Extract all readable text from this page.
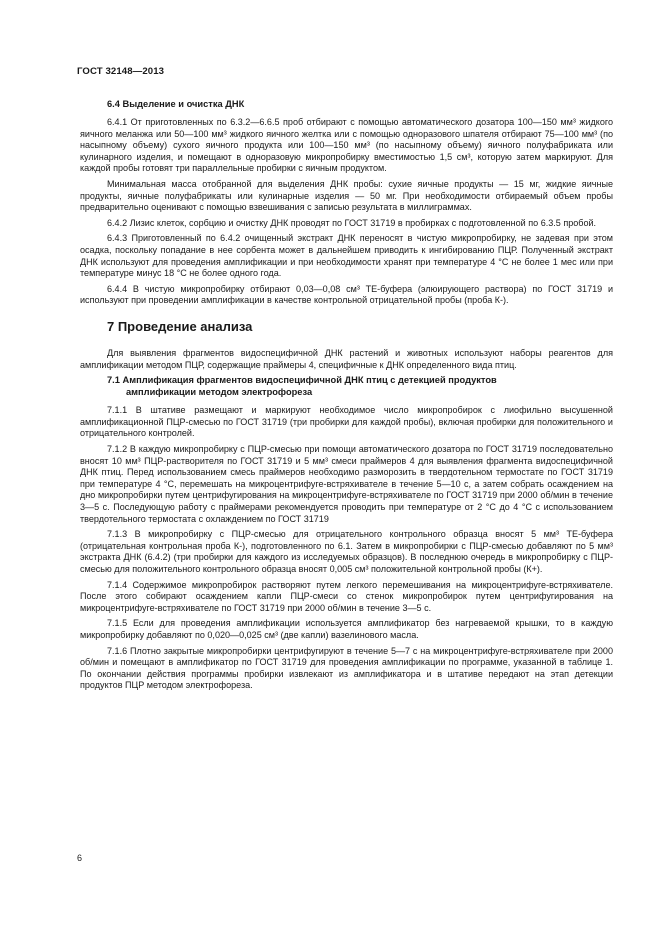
ГОСТ 32148—2013
6.4 Выделение и очистка ДНК

6.4.1 От приготовленных по 6.3.2—6.6.5 проб отбирают с помощью автоматического дозатора 100—150 мм³ жидкого яичного меланжа или 50—100 мм³ жидкого яичного желтка или с помощью одноразового шпателя отбирают 75—100 мм³ (по насыпному объему) сухого яичного продукта или 100—150 мм³ (по насыпному объему) яичного полуфабриката или кулинарного изделия, и помещают в одноразовую микропробирку вместимостью 1,5 см³, которую затем маркируют. Для каждой пробы готовят три параллельные пробирки с яичным продуктом.

Минимальная масса отобранной для выделения ДНК пробы: сухие яичные продукты — 15 мг, жидкие яичные продукты, яичные полуфабрикаты или кулинарные изделия — 50 мг. При необходимости отбираемый объем пробы предварительно оценивают с помощью взвешивания с записью результата в миллиграммах.

6.4.2 Лизис клеток, сорбцию и очистку ДНК проводят по ГОСТ 31719 в пробирках с подготовленной по 6.3.5 пробой.

6.4.3 Приготовленный по 6.4.2 очищенный экстракт ДНК переносят в чистую микропробирку, не задевая при этом осадка, поскольку попадание в нее сорбента может в дальнейшем приводить к ингибированию ПЦР. Полученный экстракт ДНК используют для проведения амплификации и при необходимости хранят при температуре 4 °С не более 1 мес или при температуре минус 18 °С не более одного года.

6.4.4 В чистую микропробирку отбирают 0,03—0,08 см³ ТЕ-буфера (элюирующего раствора) по ГОСТ 31719 и используют при проведении амплификации в качестве контрольной отрицательной пробы (проба К-).

7 Проведение анализа

Для выявления фрагментов видоспецифичной ДНК растений и животных используют наборы реагентов для амплификации методом ПЦР, содержащие праймеры 4, специфичные к ДНК определенного вида птиц.

7.1 Амплификация фрагментов видоспецифичной ДНК птиц с детекцией продуктов
амплификации методом электрофореза

7.1.1 В штативе размещают и маркируют необходимое число микропробирок с лиофильно высушенной амплификационной ПЦР-смесью по ГОСТ 31719 (три пробирки для каждой пробы), включая пробирки для положительного и отрицательного контролей.

7.1.2 В каждую микропробирку с ПЦР-смесью при помощи автоматического дозатора по ГОСТ 31719 последовательно вносят 10 мм³ ПЦР-растворителя по ГОСТ 31719 и 5 мм³ смеси праймеров 4 для выявления фрагмента видоспецифичной ДНК птиц. Перед использованием смесь праймеров необходимо разморозить в твердотельном термостате по ГОСТ 31719 при температуре 4 °С, перемешать на микроцентрифуге-встряхивателе в течение 5—10 с, а затем собрать осаждением на дно микропробирки путем центрифугирования на микроцентрифуге-встряхивателе по ГОСТ 31719 при 2000 об/мин в течение 3—5 с. Последующую работу с праймерами рекомендуется проводить при температуре от 2 °С до 4 °С с использованием твердотельного термостата с охлаждением по ГОСТ 31719

7.1.3 В микропробирку с ПЦР-смесью для отрицательного контрольного образца вносят 5 мм³ ТЕ-буфера (отрицательная контрольная проба К-), подготовленного по 6.1. Затем в микропробирки с ПЦР-смесью добавляют по 5 мм³ экстракта ДНК (6.4.2) (три пробирки для каждого из исследуемых образцов). В последнюю очередь в микропробирку с ПЦР-смесью для положительного контрольного образца вносят 0,005 см³ положительной контрольной пробы (К+).

7.1.4 Содержимое микропробирок растворяют путем легкого перемешивания на микроцентрифуге-встряхивателе. После этого собирают осаждением капли ПЦР-смеси со стенок микропробирок путем центрифугирования на микроцентрифуге-встряхивателе по ГОСТ 31719 при 2000 об/мин в течение 3—5 с.

7.1.5 Если для проведения амплификации используется амплификатор без нагреваемой крышки, то в каждую микропробирку добавляют по 0,020—0,025 см³ (две капли) вазелинового масла.

7.1.6 Плотно закрытые микропробирки центрифугируют в течение 5—7 с на микроцентрифуге-встряхивателе при 2000 об/мин и помещают в амплификатор по ГОСТ 31719 для проведения амплификации по программе, указанной в таблице 1. По окончании действия программы пробирки извлекают из амплификатора и в штативе передают на этап детекции продуктов ПЦР методом электрофореза.

6
